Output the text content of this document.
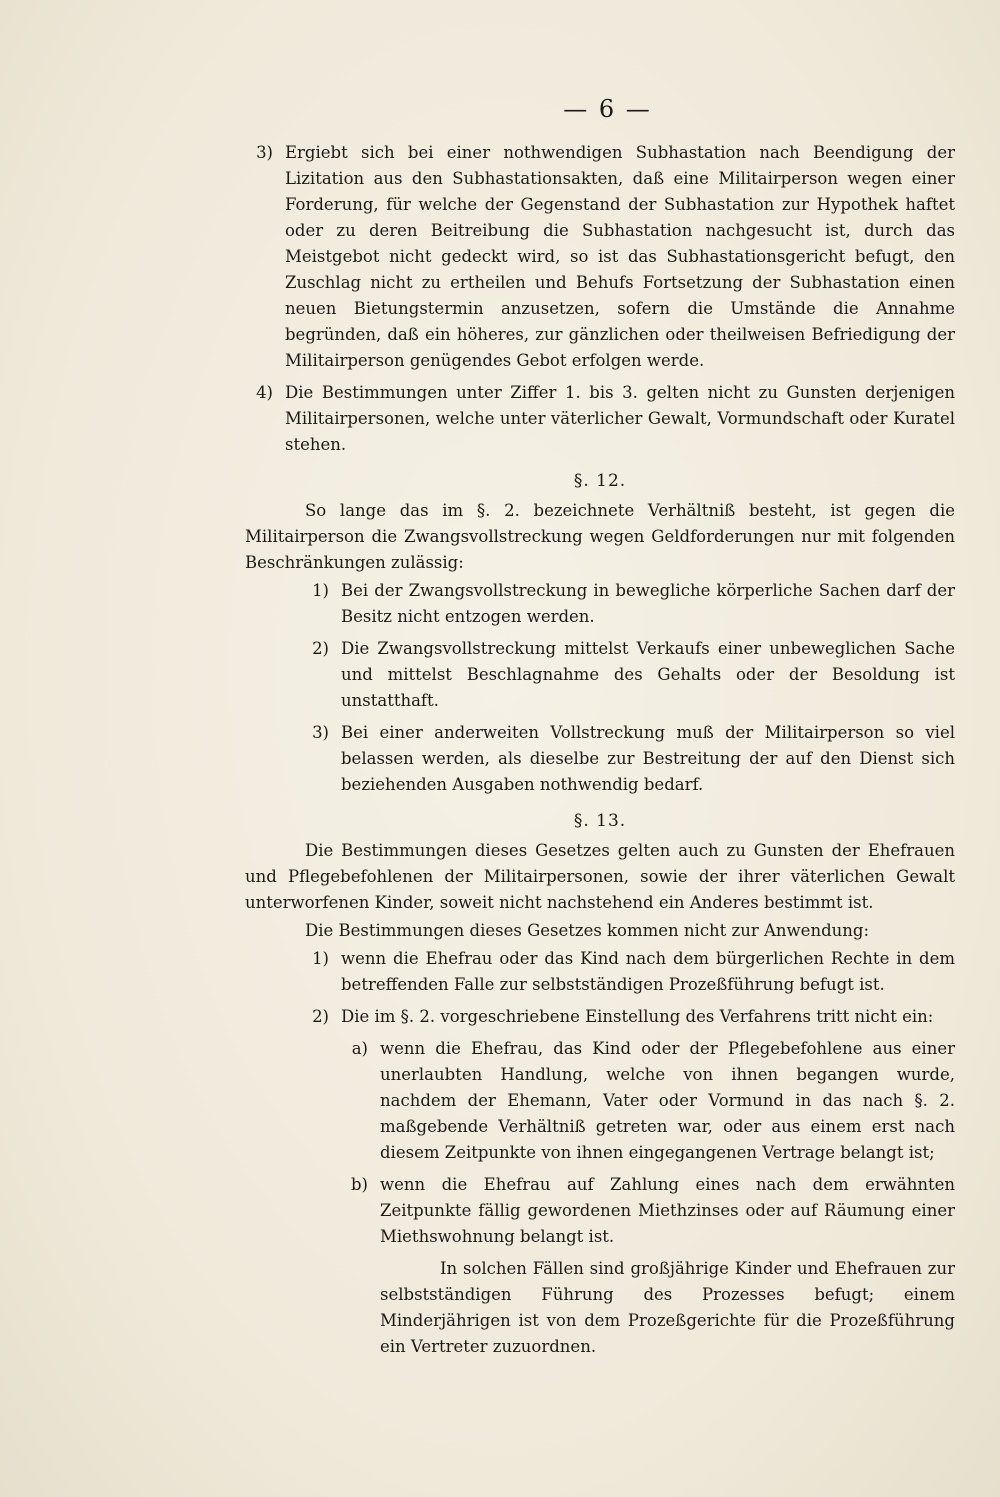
— 6 —
3) Ergiebt sich bei einer nothwendigen Subhastation nach Beendigung der Lizitation aus den Subhastationsakten, daß eine Militairperson wegen einer Forderung, für welche der Gegenstand der Subhastation zur Hypothek haftet oder zu deren Beitreibung die Subhastation nachgesucht ist, durch das Meistgebot nicht gedeckt wird, so ist das Subhastationsgericht befugt, den Zuschlag nicht zu ertheilen und Behufs Fortsetzung der Subhastation einen neuen Bietungstermin anzusetzen, sofern die Umstände die Annahme begründen, daß ein höheres, zur gänzlichen oder theilweisen Befriedigung der Militairperson genügendes Gebot erfolgen werde.
4) Die Bestimmungen unter Ziffer 1. bis 3. gelten nicht zu Gunsten derjenigen Militairpersonen, welche unter väterlicher Gewalt, Vormundschaft oder Kuratel stehen.
§. 12.

So lange das im §. 2. bezeichnete Verhältniß besteht, ist gegen die Militairperson die Zwangsvollstreckung wegen Geldforderungen nur mit folgenden Beschränkungen zulässig:

1) Bei der Zwangsvollstreckung in bewegliche körperliche Sachen darf der Besitz nicht entzogen werden.
2) Die Zwangsvollstreckung mittelst Verkaufs einer unbeweglichen Sache und mittelst Beschlagnahme des Gehalts oder der Besoldung ist unstatthaft.
3) Bei einer anderweiten Vollstreckung muß der Militairperson so viel belassen werden, als dieselbe zur Bestreitung der auf den Dienst sich beziehenden Ausgaben nothwendig bedarf.
§. 13.

Die Bestimmungen dieses Gesetzes gelten auch zu Gunsten der Ehefrauen und Pflegebefohlenen der Militairpersonen, sowie der ihrer väterlichen Gewalt unterworfenen Kinder, soweit nicht nachstehend ein Anderes bestimmt ist.

Die Bestimmungen dieses Gesetzes kommen nicht zur Anwendung:

1) wenn die Ehefrau oder das Kind nach dem bürgerlichen Rechte in dem betreffenden Falle zur selbstständigen Prozeßführung befugt ist.
2) Die im §. 2. vorgeschriebene Einstellung des Verfahrens tritt nicht ein:
a) wenn die Ehefrau, das Kind oder der Pflegebefohlene aus einer unerlaubten Handlung, welche von ihnen begangen wurde, nachdem der Ehemann, Vater oder Vormund in das nach §. 2. maßgebende Verhältniß getreten war, oder aus einem erst nach diesem Zeitpunkte von ihnen eingegangenen Vertrage belangt ist;
b) wenn die Ehefrau auf Zahlung eines nach dem erwähnten Zeitpunkte fällig gewordenen Miethzinses oder auf Räumung einer Miethswohnung belangt ist.

In solchen Fällen sind großjährige Kinder und Ehefrauen zur selbstständigen Führung des Prozesses befugt; einem Minderjährigen ist von dem Prozeßgerichte für die Prozeßführung ein Vertreter zuzuordnen.
